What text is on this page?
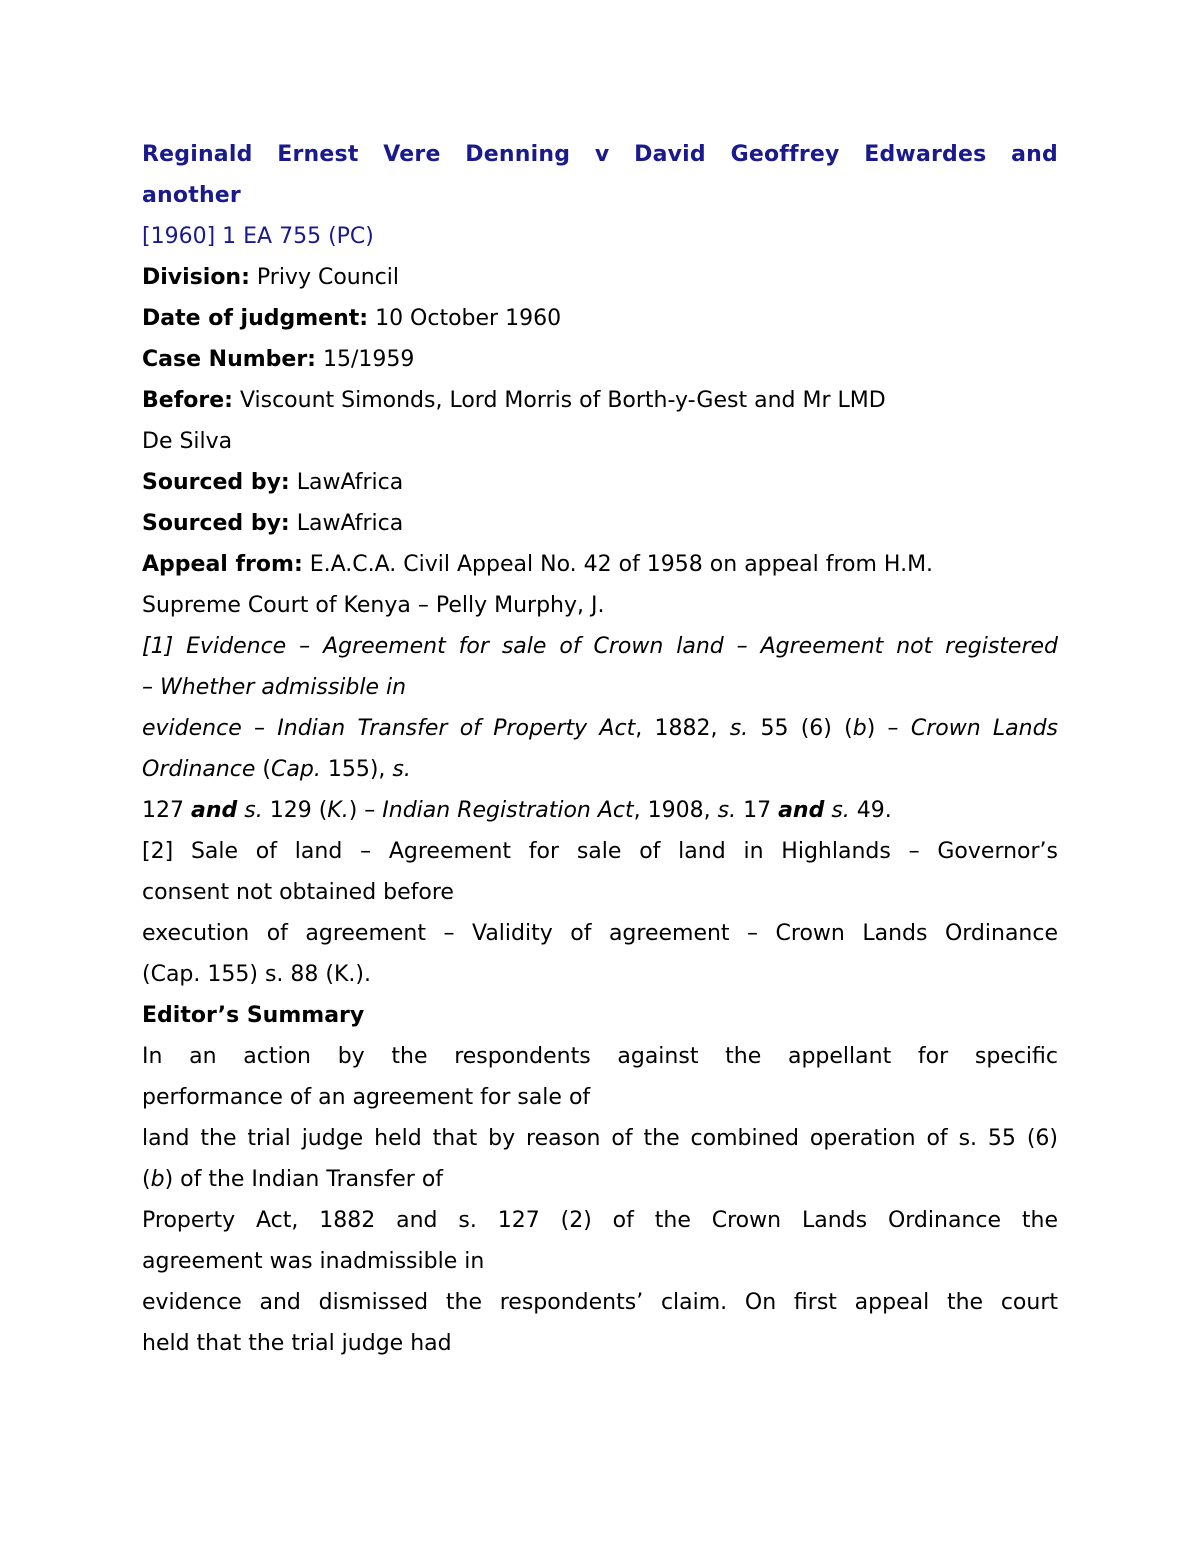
Reginald Ernest Vere Denning v David Geoffrey Edwardes and
another
[1960] 1 EA 755 (PC)
Division: Privy Council
Date of judgment: 10 October 1960
Case Number: 15/1959
Before: Viscount Simonds, Lord Morris of Borth-y-Gest and Mr LMD
De Silva
Sourced by: LawAfrica
Sourced by: LawAfrica
Appeal from: E.A.C.A. Civil Appeal No. 42 of 1958 on appeal from H.M.
Supreme Court of Kenya – Pelly Murphy, J.
[1] Evidence – Agreement for sale of Crown land – Agreement not registered
– Whether admissible in
evidence – Indian Transfer of Property Act, 1882, s. 55 (6) (b) – Crown Lands
Ordinance (Cap. 155), s.
127 and s. 129 (K.) – Indian Registration Act, 1908, s. 17 and s. 49.
[2] Sale of land – Agreement for sale of land in Highlands – Governor’s
consent not obtained before
execution of agreement – Validity of agreement – Crown Lands Ordinance
(Cap. 155) s. 88 (K.).
Editor’s Summary
In an action by the respondents against the appellant for specific
performance of an agreement for sale of
land the trial judge held that by reason of the combined operation of s. 55 (6)
(b) of the Indian Transfer of
Property Act, 1882 and s. 127 (2) of the Crown Lands Ordinance the
agreement was inadmissible in
evidence and dismissed the respondents’ claim. On first appeal the court
held that the trial judge had
